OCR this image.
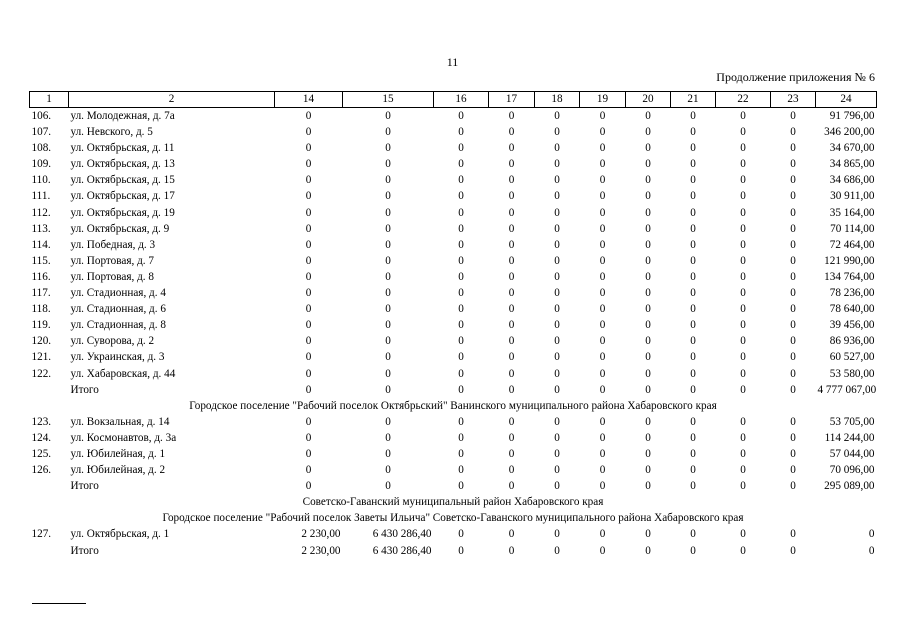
11
Продолжение приложения № 6
1	2	14	15	16	17	18	19	20	21	22	23	24
106.	ул. Молодежная, д. 7а	0	0	0	0	0	0	0	0	0	0	91 796,00
107.	ул. Невского, д. 5	0	0	0	0	0	0	0	0	0	0	346 200,00
108.	ул. Октябрьская, д. 11	0	0	0	0	0	0	0	0	0	0	34 670,00
109.	ул. Октябрьская, д. 13	0	0	0	0	0	0	0	0	0	0	34 865,00
110.	ул. Октябрьская, д. 15	0	0	0	0	0	0	0	0	0	0	34 686,00
111.	ул. Октябрьская, д. 17	0	0	0	0	0	0	0	0	0	0	30 911,00
112.	ул. Октябрьская, д. 19	0	0	0	0	0	0	0	0	0	0	35 164,00
113.	ул. Октябрьская, д. 9	0	0	0	0	0	0	0	0	0	0	70 114,00
114.	ул. Победная, д. 3	0	0	0	0	0	0	0	0	0	0	72 464,00
115.	ул. Портовая, д. 7	0	0	0	0	0	0	0	0	0	0	121 990,00
116.	ул. Портовая, д. 8	0	0	0	0	0	0	0	0	0	0	134 764,00
117.	ул. Стадионная, д. 4	0	0	0	0	0	0	0	0	0	0	78 236,00
118.	ул. Стадионная, д. 6	0	0	0	0	0	0	0	0	0	0	78 640,00
119.	ул. Стадионная, д. 8	0	0	0	0	0	0	0	0	0	0	39 456,00
120.	ул. Суворова, д. 2	0	0	0	0	0	0	0	0	0	0	86 936,00
121.	ул. Украинская, д. 3	0	0	0	0	0	0	0	0	0	0	60 527,00
122.	ул. Хабаровская, д. 44	0	0	0	0	0	0	0	0	0	0	53 580,00
	Итого	0	0	0	0	0	0	0	0	0	0	4 777 067,00
Городское поселение "Рабочий поселок Октябрьский" Ванинского муниципального района Хабаровского края												
123.	ул. Вокзальная, д. 14	0	0	0	0	0	0	0	0	0	0	53 705,00
124.	ул. Космонавтов, д. 3а	0	0	0	0	0	0	0	0	0	0	114 244,00
125.	ул. Юбилейная, д. 1	0	0	0	0	0	0	0	0	0	0	57 044,00
126.	ул. Юбилейная, д. 2	0	0	0	0	0	0	0	0	0	0	70 096,00
	Итого	0	0	0	0	0	0	0	0	0	0	295 089,00
Советско-Гаванский муниципальный район Хабаровского края												
Городское поселение "Рабочий поселок Заветы Ильича" Советско-Гаванского муниципального района Хабаровского края												
127.	ул. Октябрьская, д. 1	2 230,00	6 430 286,40	0	0	0	0	0	0	0	0	0
	Итого	2 230,00	6 430 286,40	0	0	0	0	0	0	0	0	0
